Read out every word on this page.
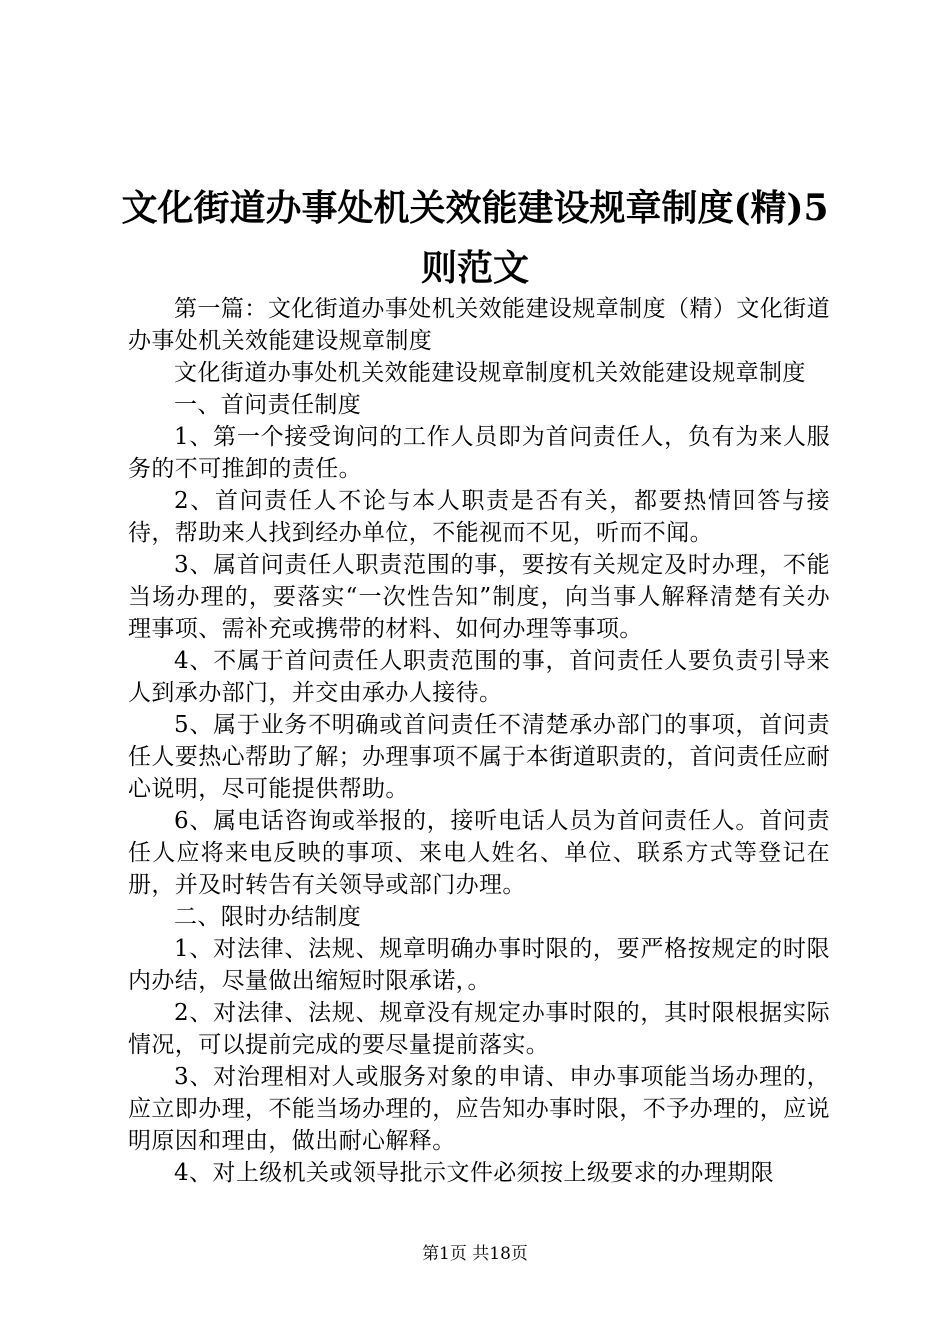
文化街道办事处机关效能建设规章制度(精)5
则范文

第一篇：文化街道办事处机关效能建设规章制度（精）文化街道办事处机关效能建设规章制度

文化街道办事处机关效能建设规章制度机关效能建设规章制度

一、首问责任制度

1、第一个接受询问的工作人员即为首问责任人，负有为来人服务的不可推卸的责任。

2、首问责任人不论与本人职责是否有关，都要热情回答与接待，帮助来人找到经办单位，不能视而不见，听而不闻。

3、属首问责任人职责范围的事，要按有关规定及时办理，不能当场办理的，要落实“一次性告知”制度，向当事人解释清楚有关办理事项、需补充或携带的材料、如何办理等事项。

4、不属于首问责任人职责范围的事，首问责任人要负责引导来人到承办部门，并交由承办人接待。

5、属于业务不明确或首问责任不清楚承办部门的事项，首问责任人要热心帮助了解；办理事项不属于本街道职责的，首问责任应耐心说明，尽可能提供帮助。

6、属电话咨询或举报的，接听电话人员为首问责任人。首问责任人应将来电反映的事项、来电人姓名、单位、联系方式等登记在册，并及时转告有关领导或部门办理。

二、限时办结制度

1、对法律、法规、规章明确办事时限的，要严格按规定的时限内办结，尽量做出缩短时限承诺，。

2、对法律、法规、规章没有规定办事时限的，其时限根据实际情况，可以提前完成的要尽量提前落实。

3、对治理相对人或服务对象的申请、申办事项能当场办理的，应立即办理，不能当场办理的，应告知办事时限，不予办理的，应说明原因和理由，做出耐心解释。

4、对上级机关或领导批示文件必须按上级要求的办理期限

第1页 共18页
